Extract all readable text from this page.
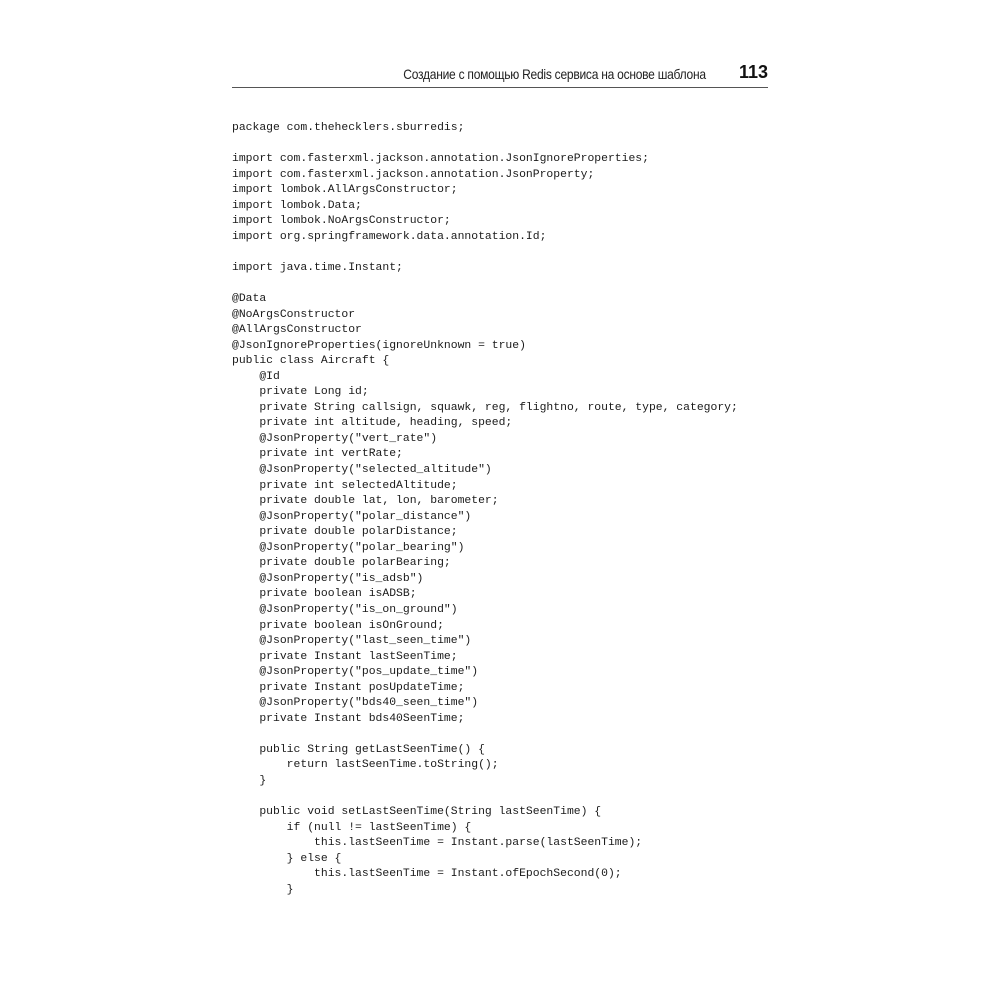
Создание с помощью Redis сервиса на основе шаблона 113
package com.thehecklers.sburredis;
import com.fasterxml.jackson.annotation.JsonIgnoreProperties;
import com.fasterxml.jackson.annotation.JsonProperty;
import lombok.AllArgsConstructor;
import lombok.Data;
import lombok.NoArgsConstructor;
import org.springframework.data.annotation.Id;
import java.time.Instant;
@Data
@NoArgsConstructor
@AllArgsConstructor
@JsonIgnoreProperties(ignoreUnknown = true)
public class Aircraft {
@Id
private Long id;
private String callsign, squawk, reg, flightno, route, type, category;
private int altitude, heading, speed;
@JsonProperty("vert_rate")
private int vertRate;
@JsonProperty("selected_altitude")
private int selectedAltitude;
private double lat, lon, barometer;
@JsonProperty("polar_distance")
private double polarDistance;
@JsonProperty("polar_bearing")
private double polarBearing;
@JsonProperty("is_adsb")
private boolean isADSB;
@JsonProperty("is_on_ground")
private boolean isOnGround;
@JsonProperty("last_seen_time")
private Instant lastSeenTime;
@JsonProperty("pos_update_time")
private Instant posUpdateTime;
@JsonProperty("bds40_seen_time")
private Instant bds40SeenTime;
public String getLastSeenTime() {
return lastSeenTime.toString();
}
public void setLastSeenTime(String lastSeenTime) {
if (null != lastSeenTime) {
this.lastSeenTime = Instant.parse(lastSeenTime);
} else {
this.lastSeenTime = Instant.ofEpochSecond(0);
}
